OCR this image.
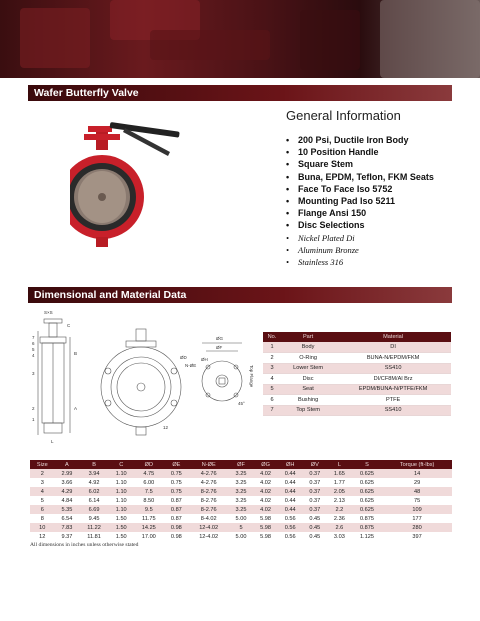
Wafer Butterfly Valve
General Information
• 200 Psi, Ductile Iron Body
• 10 Position Handle
• Square Stem
• Buna, EPDM, Teflon, FKM Seats
• Face To Face Iso 5752
• Mounting Pad Iso 5211
• Flange Ansi 150
• Disc Selections
• Nickel Plated Di
• Aluminum Bronze
• Stainless 316
Dimensional and Material Data
S×S
C
B
A
L
7
6
5
4
3
2
1
ØD
N-ØE
12
ØG
ØF
ØH
45°
Top Flange
No.	Part	Material
1	Body	DI
2	O-Ring	BUNA-N/EPDM/FKM
3	Lower Stem	SS410
4	Disc	DI/CF8M/Al Brz
5	Seat	EPDM/BUNA-N/PTFE/FKM
6	Bushing	PTFE
7	Top Stem	SS410
Size	A	B	C	ØD	ØE	N-ØE	ØF	ØG	ØH	ØV	L	S	Torque (ft-lbs)
2	2.99	3.94	1.10	4.75	0.75	4-2.76	3.25	4.02	0.44	0.37	1.65	0.625	14
3	3.66	4.92	1.10	6.00	0.75	4-2.76	3.25	4.02	0.44	0.37	1.77	0.625	29
4	4.29	6.02	1.10	7.5	0.75	8-2.76	3.25	4.02	0.44	0.37	2.05	0.625	48
5	4.84	6.14	1.10	8.50	0.87	8-2.76	3.25	4.02	0.44	0.37	2.13	0.625	75
6	5.35	6.69	1.10	9.5	0.87	8-2.76	3.25	4.02	0.44	0.37	2.2	0.625	109
8	6.54	9.45	1.50	11.75	0.87	8-4.02	5.00	5.98	0.56	0.45	2.36	0.875	177
10	7.83	11.22	1.50	14.25	0.98	12-4.02	5	5.98	0.56	0.45	2.6	0.875	280
12	9.37	11.81	1.50	17.00	0.98	12-4.02	5.00	5.98	0.56	0.45	3.03	1.125	397
All dimensions in inches unless otherwise stated
